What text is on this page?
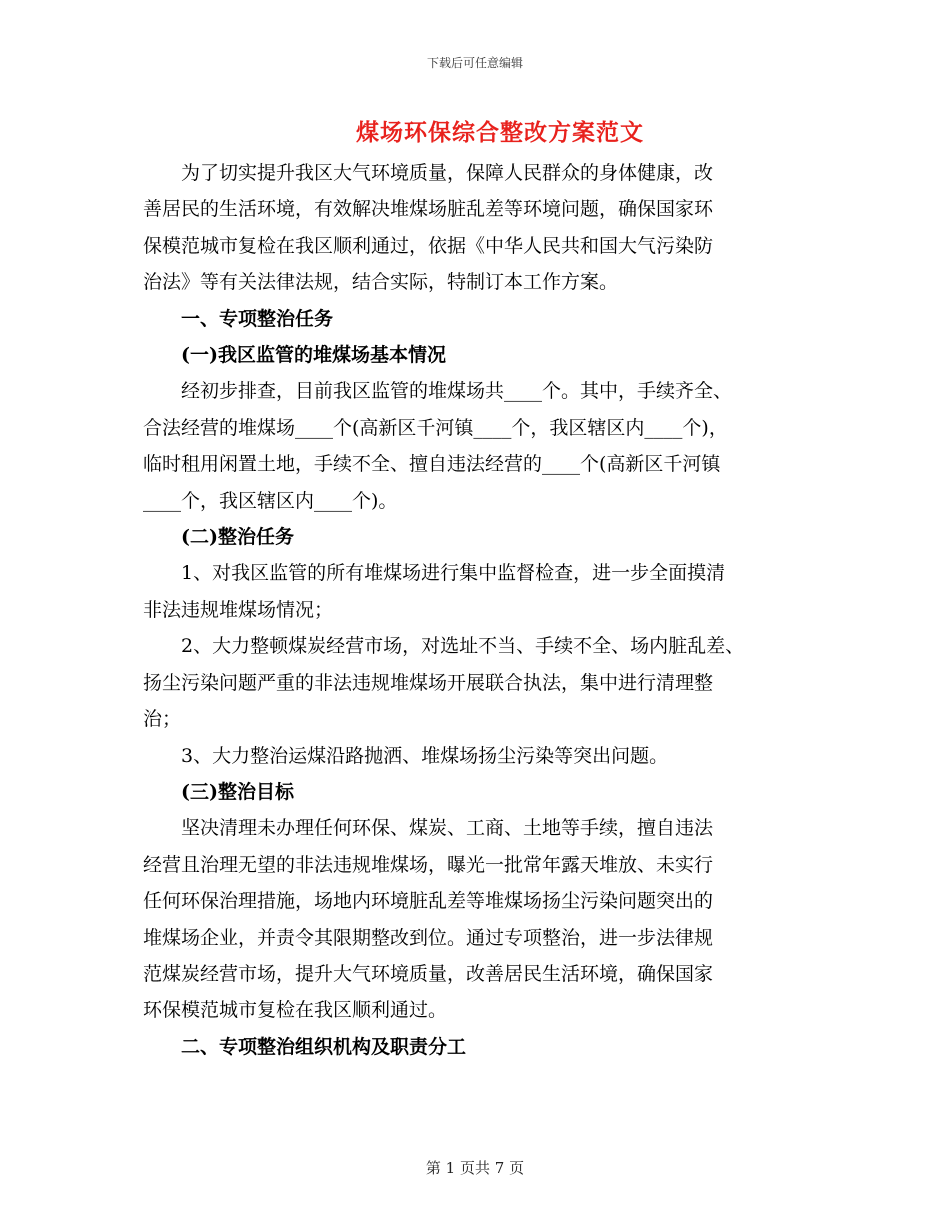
下载后可任意编辑
煤场环保综合整改方案范文
为了切实提升我区大气环境质量，保障人民群众的身体健康，改
善居民的生活环境，有效解决堆煤场脏乱差等环境问题，确保国家环
保模范城市复检在我区顺利通过，依据《中华人民共和国大气污染防
治法》等有关法律法规，结合实际，特制订本工作方案。
一、专项整治任务
(一)我区监管的堆煤场基本情况
经初步排查，目前我区监管的堆煤场共____个。其中，手续齐全、
合法经营的堆煤场____个(高新区千河镇____个，我区辖区内____个)，
临时租用闲置土地，手续不全、擅自违法经营的____个(高新区千河镇
____个，我区辖区内____个)。
(二)整治任务
1、对我区监管的所有堆煤场进行集中监督检查，进一步全面摸清
非法违规堆煤场情况；
2、大力整顿煤炭经营市场，对选址不当、手续不全、场内脏乱差、
扬尘污染问题严重的非法违规堆煤场开展联合执法，集中进行清理整
治；
3、大力整治运煤沿路抛洒、堆煤场扬尘污染等突出问题。
(三)整治目标
坚决清理未办理任何环保、煤炭、工商、土地等手续，擅自违法
经营且治理无望的非法违规堆煤场，曝光一批常年露天堆放、未实行
任何环保治理措施，场地内环境脏乱差等堆煤场扬尘污染问题突出的
堆煤场企业，并责令其限期整改到位。通过专项整治，进一步法律规
范煤炭经营市场，提升大气环境质量，改善居民生活环境，确保国家
环保模范城市复检在我区顺利通过。
二、专项整治组织机构及职责分工
第 1 页共 7 页
